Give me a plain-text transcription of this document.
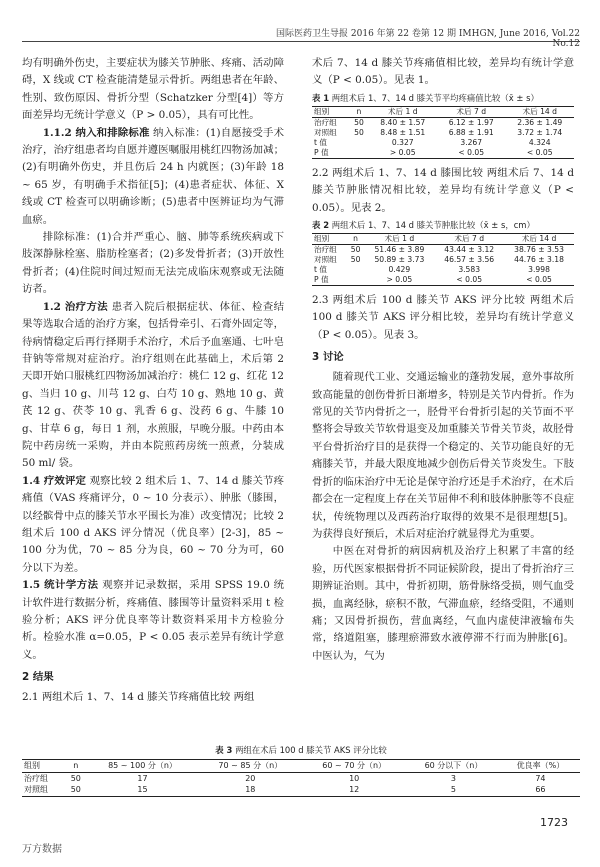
国际医药卫生导报 2016 年第 22 卷第 12 期 IMHGN, June 2016, Vol.22 No.12

均有明确外伤史，主要症状为膝关节肿胀、疼痛、活动障碍，X 线或 CT 检查能清楚显示骨折。两组患者在年龄、性别、致伤原因、骨折分型（Schatzker 分型[4]）等方面差异均无统计学意义（P > 0.05），具有可比性。

1.1.2 纳入和排除标准 纳入标准：(1)自愿接受手术治疗，治疗组患者均自愿并遵医嘱服用桃红四物汤加减；(2)有明确外伤史，并且伤后 24 h 内就医；(3)年龄 18 ~ 65 岁，有明确手术指征[5]；(4)患者症状、体征、X 线或 CT 检查可以明确诊断；(5)患者中医辨证均为气滞血瘀。

排除标准：(1)合并严重心、脑、肺等系统疾病或下肢深静脉栓塞、脂肪栓塞者；(2)多发骨折者；(3)开放性骨折者；(4)住院时间过短而无法完成临床观察或无法随访者。

1.2 治疗方法 患者入院后根据症状、体征、检查结果等选取合适的治疗方案，包括骨牵引、石膏外固定等，待病情稳定后再行择期手术治疗，术后予血塞通、七叶皂苷钠等常规对症治疗。治疗组则在此基础上，术后第 2 天即开始口服桃红四物汤加减治疗：桃仁 12 g、红花 12 g、当归 10 g、川芎 12 g、白芍 10 g、熟地 10 g、黄芪 12 g、茯苓 10 g、乳香 6 g、没药 6 g、牛膝 10 g、甘草 6 g，每日 1 剂，水煎服，早晚分服。中药由本院中药房统一采购，并由本院煎药房统一煎煮，分装成 50 ml/ 袋。

1.4 疗效评定 观察比较 2 组术后 1、7、14 d 膝关节疼痛值（VAS 疼痛评分，0 ~ 10 分表示）、肿胀（膝围，以经髌骨中点的膝关节水平围长为准）改变情况；比较 2 组术后 100 d AKS 评分情况（优良率）[2-3]，85 ~ 100 分为优，70 ~ 85 分为良，60 ~ 70 分为可，60 分以下为差。

1.5 统计学方法 观察并记录数据，采用 SPSS 19.0 统计软件进行数据分析，疼痛值、膝围等计量资料采用 t 检验分析；AKS 评分优良率等计数资料采用卡方检验分析。检验水准 α=0.05，P < 0.05 表示差异有统计学意义。

2 结果

2.1 两组术后 1、7、14 d 膝关节疼痛值比较 两组

术后 7、14 d 膝关节疼痛值相比较，差异均有统计学意义（P < 0.05）。见表 1。

表 1 两组术后 1、7、14 d 膝关节平均疼痛值比较（x̄ ± s）
组别	n	术后 1 d	术后 7 d	术后 14 d
治疗组	50	8.40 ± 1.57	6.12 ± 1.97	2.36 ± 1.49
对照组	50	8.48 ± 1.51	6.88 ± 1.91	3.72 ± 1.74
t 值		0.327	3.267	4.324
P 值		> 0.05	< 0.05	< 0.05

2.2 两组术后 1、7、14 d 膝围比较 两组术后 7、14 d 膝关节肿胀情况相比较，差异均有统计学意义（P < 0.05）。见表 2。

表 2 两组术后 1、7、14 d 膝关节肿胀比较（x̄ ± s，cm）
组别	n	术后 1 d	术后 7 d	术后 14 d
治疗组	50	51.46 ± 3.89	43.44 ± 3.12	38.76 ± 3.53
对照组	50	50.89 ± 3.73	46.57 ± 3.56	44.76 ± 3.18
t 值		0.429	3.583	3.998
P 值		> 0.05	< 0.05	< 0.05

2.3 两组术后 100 d 膝关节 AKS 评分比较 两组术后 100 d 膝关节 AKS 评分相比较，差异均有统计学意义（P < 0.05）。见表 3。

3 讨论

随着现代工业、交通运输业的蓬勃发展，意外事故所致高能量的创伤骨折日渐增多，特别是关节内骨折。作为常见的关节内骨折之一，胫骨平台骨折引起的关节面不平整将会导致关节软骨退变及加重膝关节骨关节炎，故胫骨平台骨折治疗目的是获得一个稳定的、关节功能良好的无痛膝关节，并最大限度地减少创伤后骨关节炎发生。下肢骨折的临床治疗中无论是保守治疗还是手术治疗，在术后都会在一定程度上存在关节屈伸不利和肢体肿胀等不良症状，传统物理以及西药治疗取得的效果不是很理想[5]。为获得良好预后，术后对症治疗就显得尤为重要。

中医在对骨折的病因病机及治疗上积累了丰富的经验，历代医家根据骨折不同证候阶段，提出了骨折治疗三期辨证治则。其中，骨折初期，筋骨脉络受损，则气血受损，血离经脉，瘀积不散，气滞血瘀，经络受阻，不通则痛；又因骨折损伤，营血离经，气血内虚使津液输布失常，络道阻塞，膝理瘀滞致水液停滞不行而为肿胀[6]。中医认为，气为

表 3 两组在术后 100 d 膝关节 AKS 评分比较
组别	n	85 ~ 100 分（n）	70 ~ 85 分（n）	60 ~ 70 分（n）	60 分以下（n）	优良率（%）
治疗组	50	17	20	10	3	74
对照组	50	15	18	12	5	66
1723
万方数据
